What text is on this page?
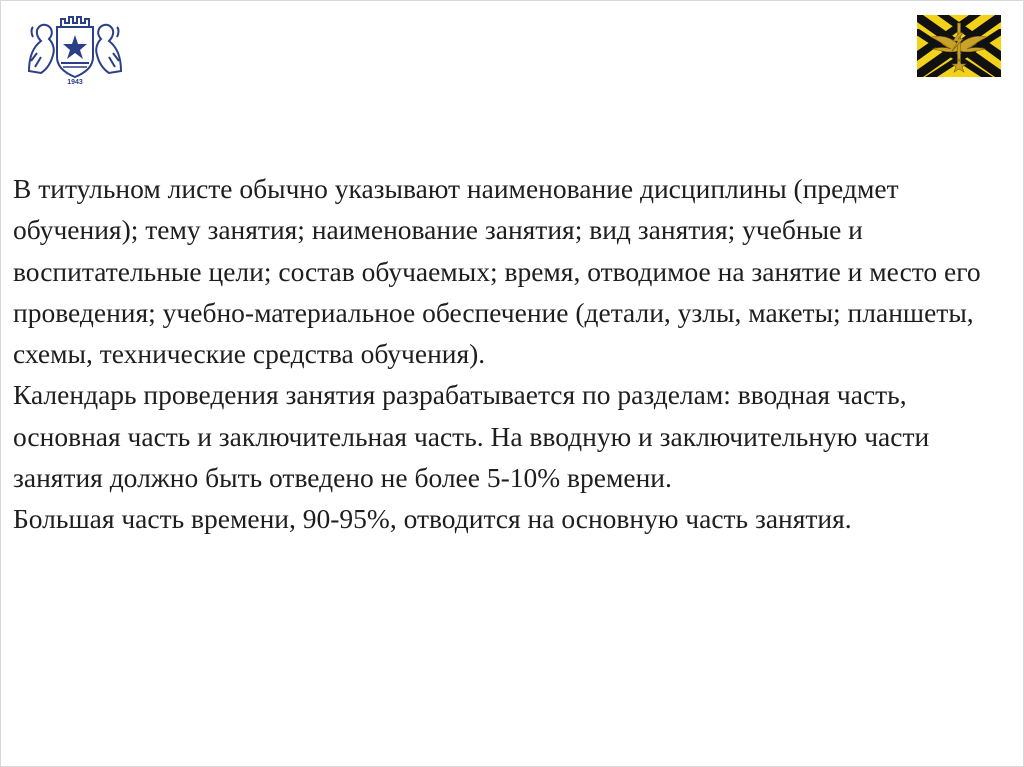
1943

В титульном листе обычно указывают наименование дисциплины (предмет обучения); тему занятия; наименование занятия; вид занятия; учебные и воспитательные цели; состав обучаемых; время, отводимое на занятие и место его проведения; учебно-материальное обеспечение (детали, узлы, макеты; планшеты, схемы, технические средства обучения).

Календарь проведения занятия разрабатывается по разделам: вводная часть, основная часть и заключительная часть. На вводную и заключительную части занятия должно быть отведено не более 5-10% времени.

Большая часть времени, 90-95%, отводится на основную часть занятия.
